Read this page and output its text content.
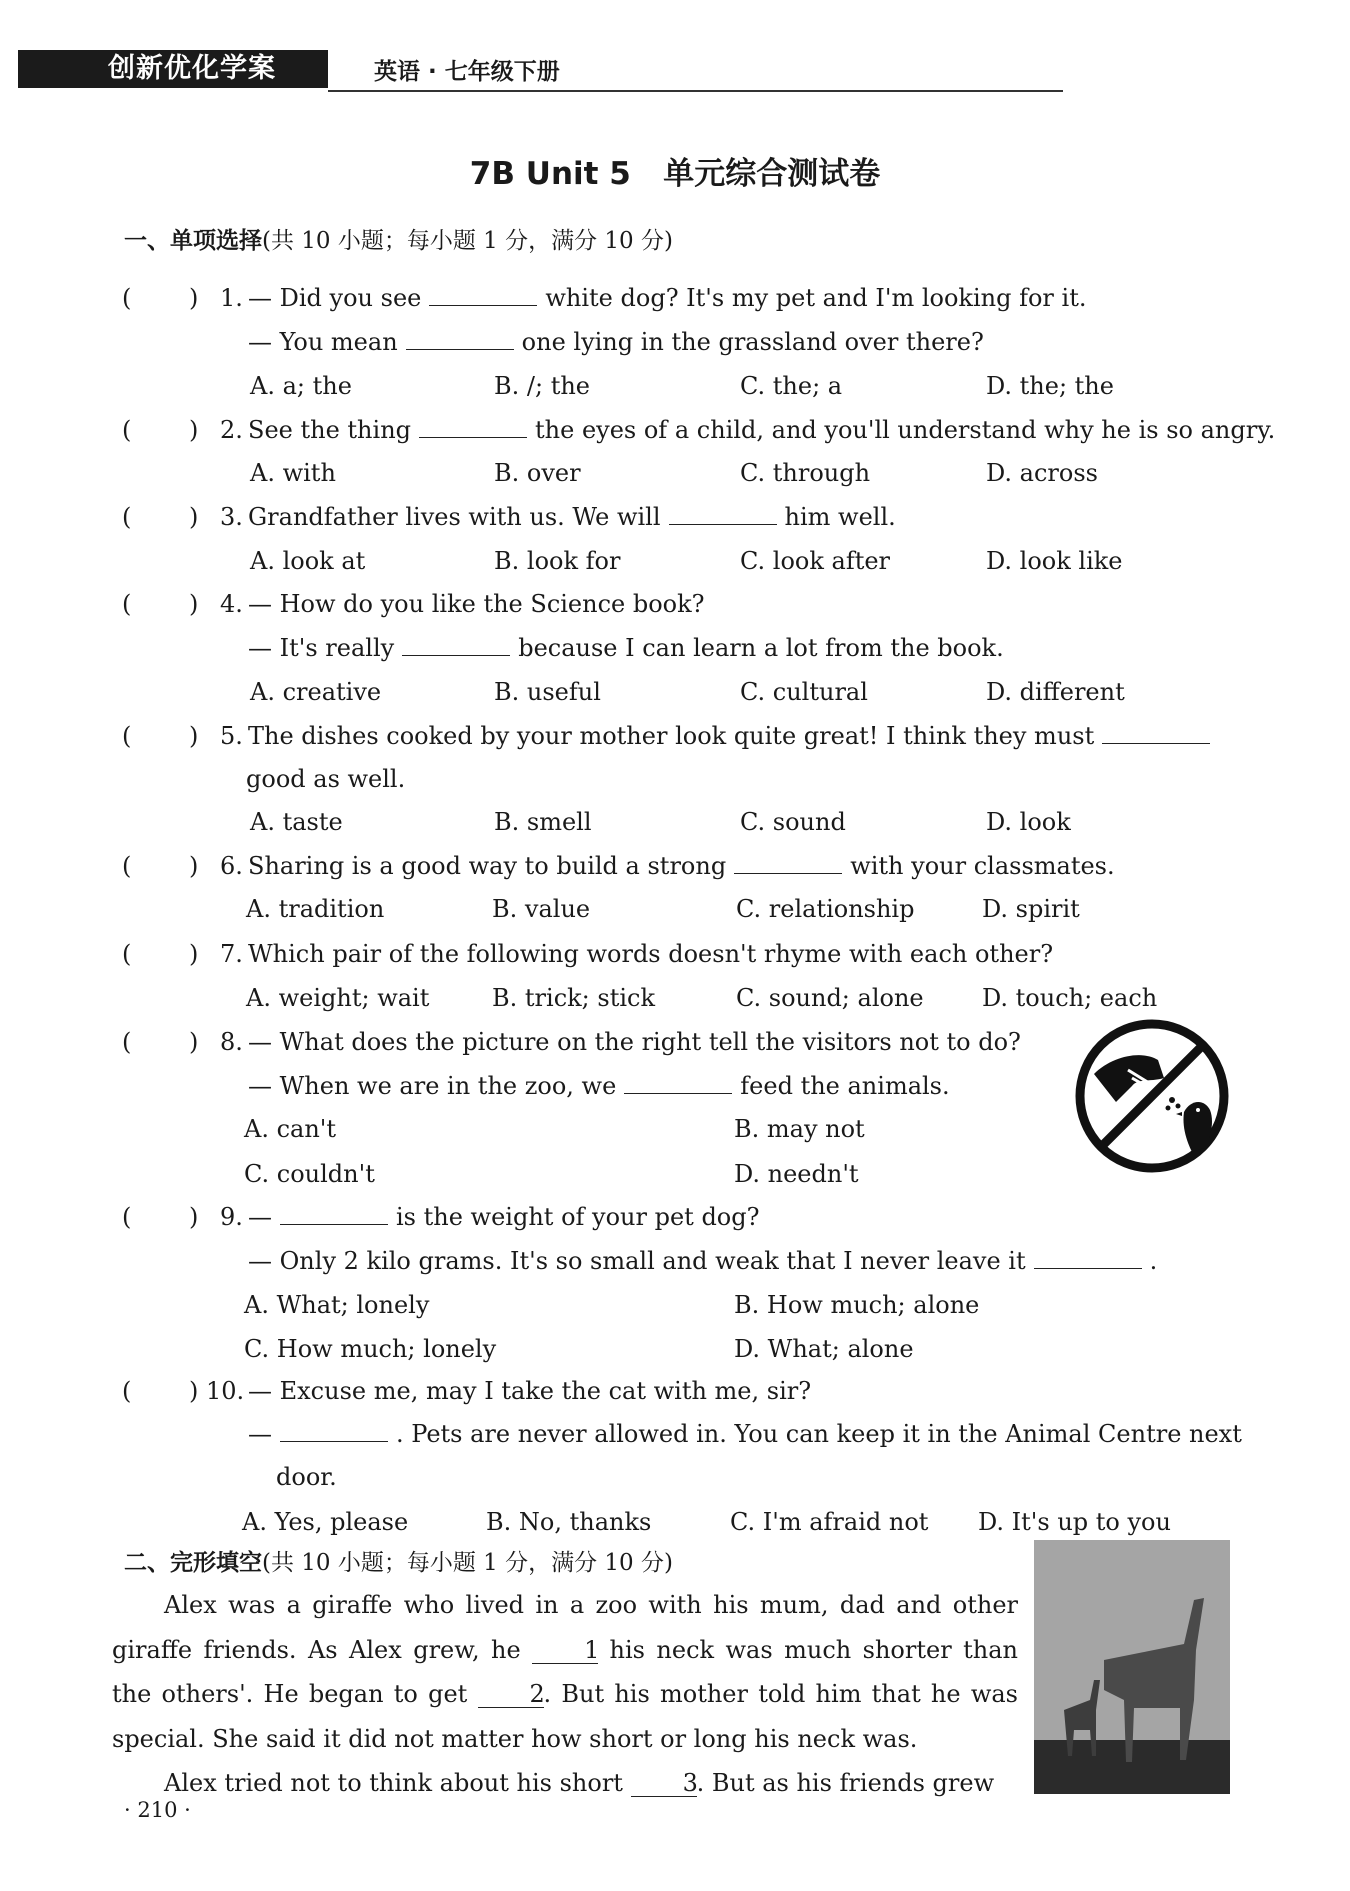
创新优化学案	英语 · 七年级下册
7B Unit 5   单元综合测试卷
一、单项选择(共 10 小题；每小题 1 分，满分 10 分)
( ) 1. — Did you see	white dog? It's my pet and I'm looking for it.
— You mean	one lying in the grassland over there?
A. a; the	B. /; the	C. the; a	D. the; the
( ) 2. See the thing	the eyes of a child, and you'll understand why he is so angry.
A. with	B. over	C. through	D. across
( ) 3. Grandfather lives with us. We will	him well.
A. look at	B. look for	C. look after	D. look like
( ) 4. — How do you like the Science book?
— It's really	because I can learn a lot from the book.
A. creative	B. useful	C. cultural	D. different
( ) 5. The dishes cooked by your mother look quite great! I think they must
good as well.
A. taste	B. smell	C. sound	D. look
( ) 6. Sharing is a good way to build a strong	with your classmates.
A. tradition	B. value	C. relationship	D. spirit
( ) 7. Which pair of the following words doesn't rhyme with each other?
A. weight; wait	B. trick; stick	C. sound; alone D. touch; each
( ) 8. — What does the picture on the right tell the visitors not to do?
— When we are in the zoo, we	feed the animals.
A. can't	B. may not
C. couldn't	D. needn't
( ) 9. —	is the weight of your pet dog?
— Only 2 kilo grams. It's so small and weak that I never leave it	.
A. What; lonely	B. How much; alone
C. How much; lonely	D. What; alone
( ) 10. — Excuse me, may I take the cat with me, sir?
—	. Pets are never allowed in. You can keep it in the Animal Centre next
door.
A. Yes, please	B. No, thanks	C. I'm afraid not D. It's up to you
二、完形填空(共 10 小题；每小题 1 分，满分 10 分)

Alex was a giraffe who lived in a zoo with his mum, dad and other giraffe friends. As Alex grew, he	1 his neck was much shorter than the others'. He began to get	2. But his mother told him that he was special. She said it did not matter how short or long his neck was.

Alex tried not to think about his short 3. But as his friends grew

· 210 ·
